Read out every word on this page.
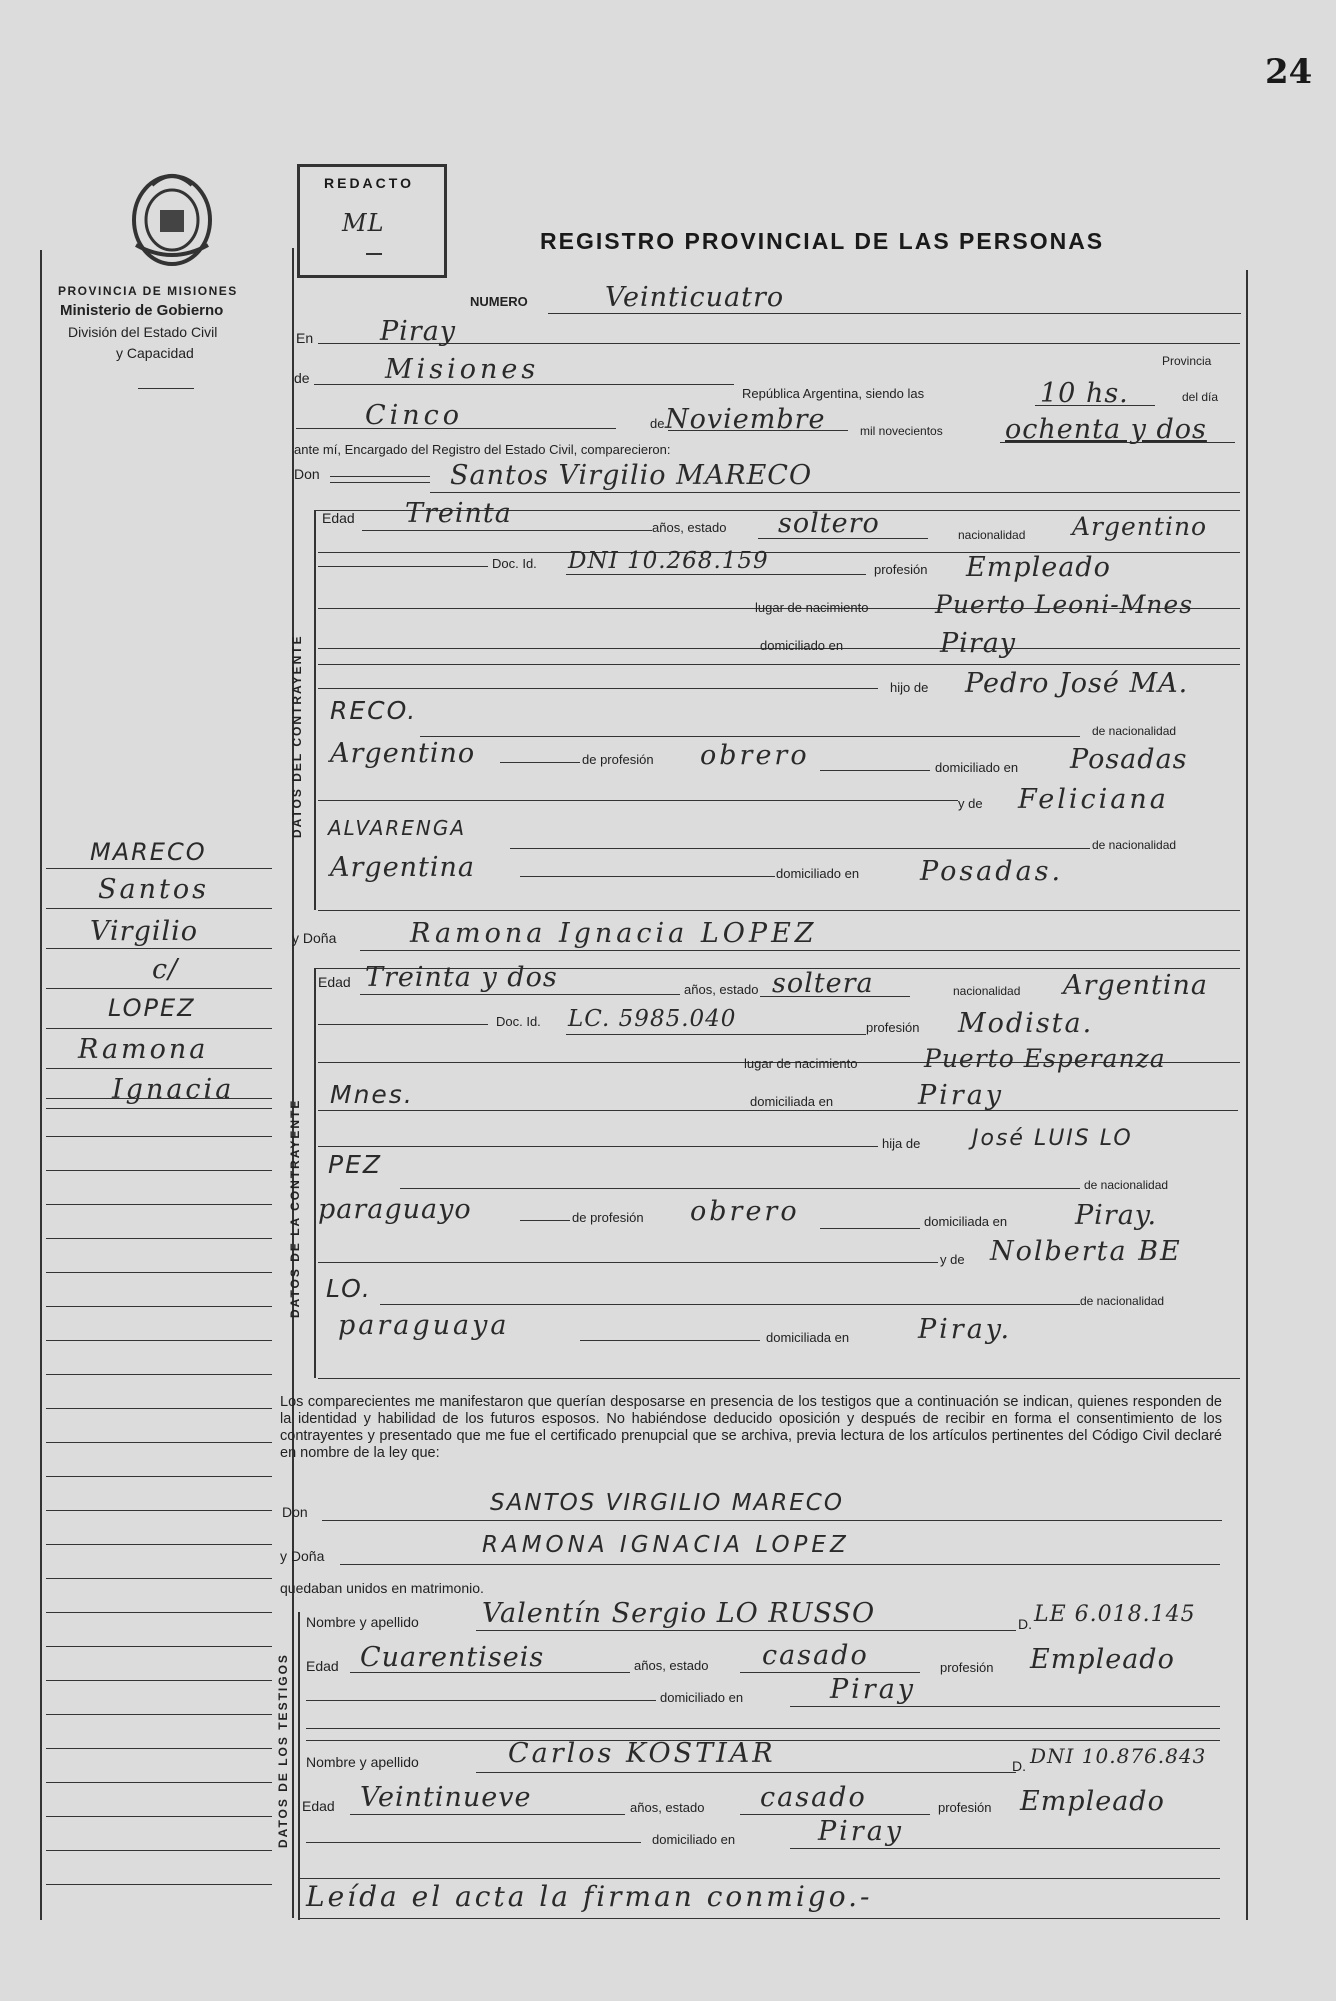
24
PROVINCIA DE MISIONES
Ministerio de Gobierno
División del Estado Civil
y Capacidad
REDACTO
ML
REGISTRO PROVINCIAL DE LAS PERSONAS
NUMERO	Veinticuatro
En Piray
Provincia
de	Misiones
República Argentina, siendo las	10 hs.	del día
Cinco	de Noviembre	mil novecientos ochenta y dos
ante mí, Encargado del Registro del Estado Civil, comparecieron:
Don	Santos Virgilio MARECO
DATOS DEL CONTRAYENTE
Edad Treinta	años, estado soltero	nacionalidad Argentino
Doc. Id. DNI 10.268.159	profesión Empleado
lugar de nacimiento	Puerto Leoni-Mnes
domiciliado en	Piray
hijo de Pedro José MA.
RECO.
de nacionalidad
Argentino	de profesión obrero	domiciliado en Posadas
y de Feliciana
ALVARENGA
de nacionalidad
Argentina	domiciliado en Posadas.
y Doña	Ramona Ignacia LOPEZ
DATOS DE LA CONTRAYENTE
Edad Treinta y dos	años, estado soltera	nacionalidad Argentina
Doc. Id. LC. 5985.040	profesión Modista.
lugar de nacimiento	Puerto Esperanza
Mnes.	domiciliada en	Piray
hija de José LUIS LO
PEZ
de nacionalidad
paraguayo	de profesión obrero	domiciliada en	Piray.
y de Nolberta BE
LO.	de nacionalidad
paraguaya	domiciliada en	Piray.
Los comparecientes me manifestaron que querían desposarse en presencia de los testigos que a continuación se indican, quienes responden de la identidad y habilidad de los futuros esposos. No habiéndose deducido oposición y después de recibir en forma el consentimiento de los contrayentes y presentado que me fue el certificado prenupcial que se archiva, previa lectura de los artículos pertinentes del Código Civil declaré en nombre de la ley que:
Don	SANTOS VIRGILIO MARECO
y Doña	RAMONA IGNACIA LOPEZ
quedaban unidos en matrimonio.
DATOS DE LOS TESTIGOS
Nombre y apellido Valentín Sergio LO RUSSO	D. LE 6.018.145
Edad Cuarentiseis	años, estado casado	profesión Empleado
domiciliado en	Piray
Nombre y apellido	Carlos KOSTIAR	D. DNI 10.876.843
Edad Veintinueve	años, estado casado	profesión Empleado
domiciliado en	Piray
Leída el acta la firman conmigo.-
MARECO
Santos
Virgilio
c/
LOPEZ
Ramona
Ignacia
